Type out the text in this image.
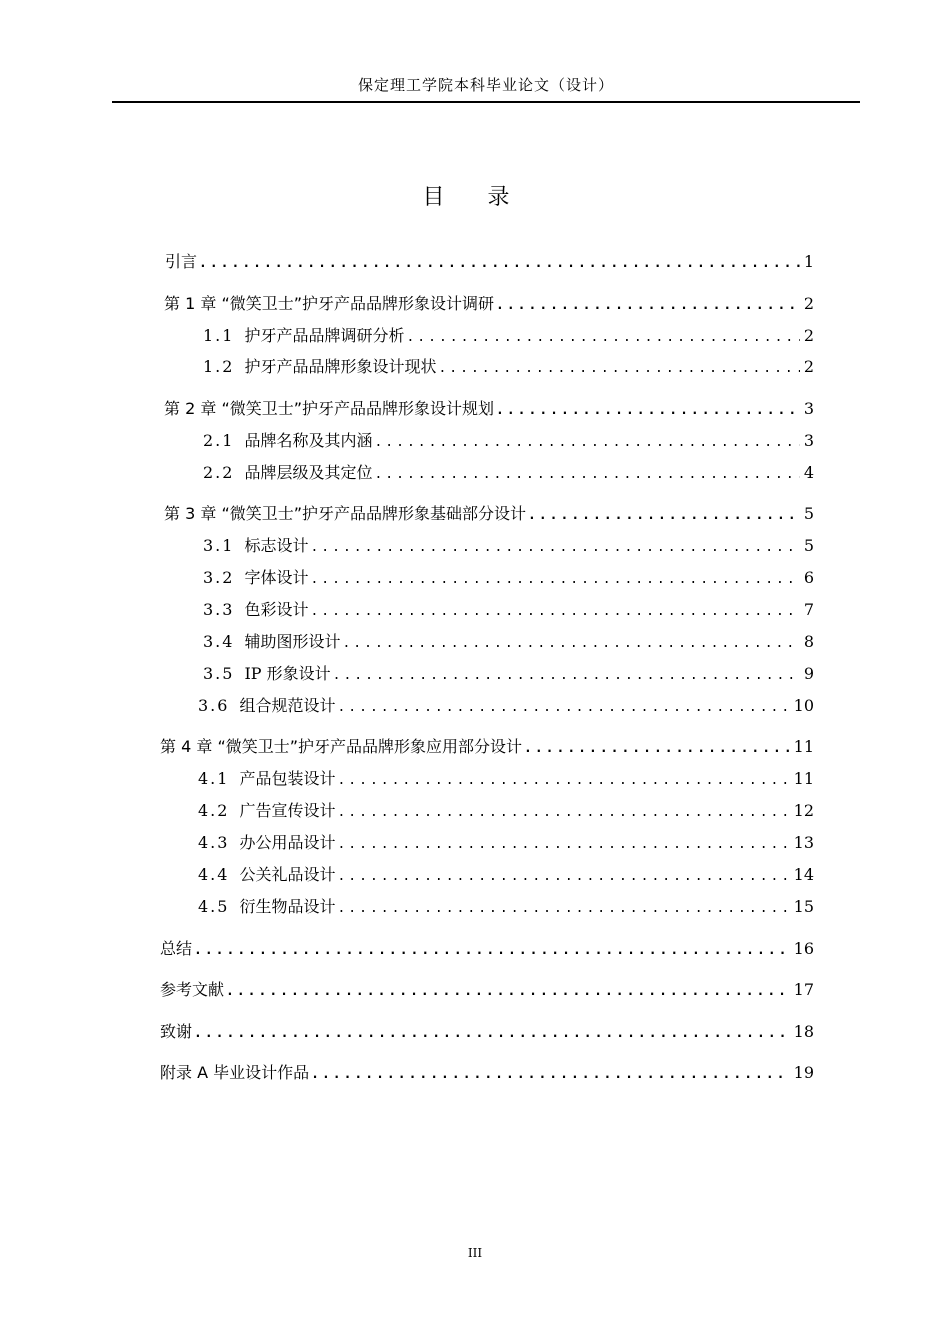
保定理工学院本科毕业论文（设计）
目 录
引言 .....	1
第 1 章 “微笑卫士”护牙产品品牌形象设计调研 .....	2
1.1 护牙产品品牌调研分析 .....	2
1.2 护牙产品品牌形象设计现状 .....	2
第 2 章 “微笑卫士”护牙产品品牌形象设计规划 .....	3
2.1 品牌名称及其内涵 .....	3
2.2 品牌层级及其定位 .....	4
第 3 章 “微笑卫士”护牙产品品牌形象基础部分设计 .....	5
3.1 标志设计 .....	5
3.2 字体设计 .....	6
3.3 色彩设计 .....	7
3.4 辅助图形设计 .....	8
3.5 IP 形象设计 .....	9
3.6 组合规范设计 .....	10
第 4 章 “微笑卫士”护牙产品品牌形象应用部分设计 .....	11
4.1 产品包装设计 .....	11
4.2 广告宣传设计 .....	12
4.3 办公用品设计 .....	13
4.4 公关礼品设计 .....	14
4.5 衍生物品设计 .....	15
总结 .....	16
参考文献 .....	17
致谢 .....	18
附录 A 毕业设计作品 .....	19
III
